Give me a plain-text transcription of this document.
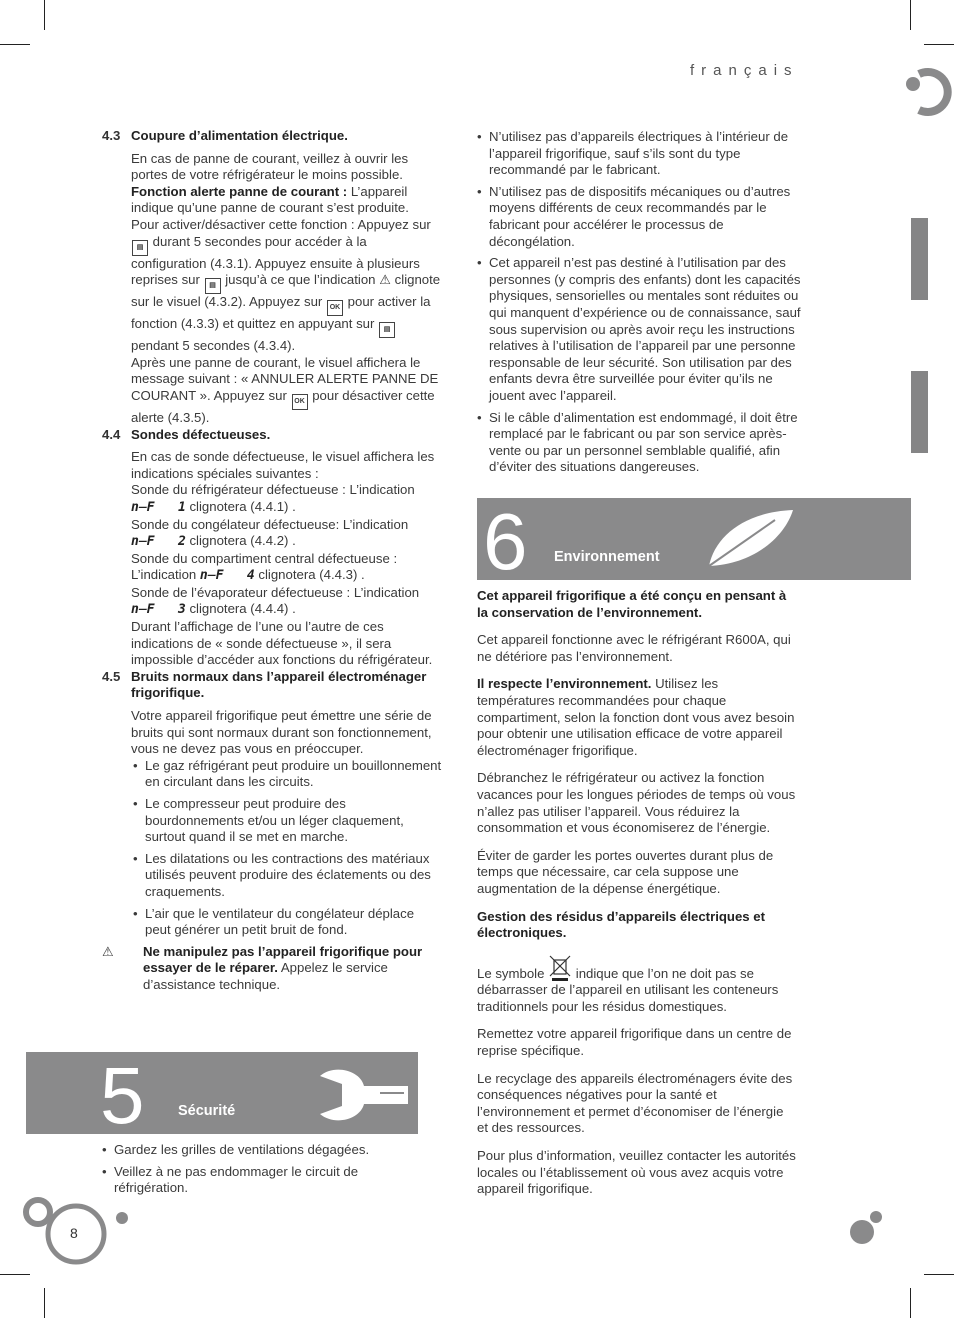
français
4.3 Coupure d’alimentation électrique.

En cas de panne de courant, veillez à ouvrir les portes de votre réfrigérateur le moins possible.

Fonction alerte panne de courant : L’appareil indique qu’une panne de courant s’est produite.

Pour activer/désactiver cette fonction : Appuyez sur ▤ durant 5 secondes pour accéder à la configuration (4.3.1). Appuyez ensuite à plusieurs reprises sur ▤ jusqu’à ce que l’indication ⚠ clignote sur le visuel (4.3.2). Appuyez sur OK pour activer la fonction (4.3.3) et quittez en appuyant sur ▤ pendant 5 secondes (4.3.4).

Après une panne de courant, le visuel affichera le message suivant : « ANNULER ALERTE PANNE DE COURANT ». Appuyez sur OK pour désactiver cette alerte (4.3.5).

4.4 Sondes défectueuses.

En cas de sonde défectueuse, le visuel affichera les indications spéciales suivantes :

Sonde du réfrigérateur défectueuse : L’indication
n̶F   1 clignotera (4.4.1) .

Sonde du congélateur défectueuse: L’indication
n̶F   2 clignotera (4.4.2) .

Sonde du compartiment central défectueuse : L’indication n̶F   4 clignotera (4.4.3) .

Sonde de l’évaporateur défectueuse : L’indication
n̶F   3 clignotera (4.4.4) .

Durant l’affichage de l’une ou l’autre de ces indications de « sonde défectueuse », il sera impossible d’accéder aux fonctions du réfrigérateur.

4.5 Bruits normaux dans l’appareil électroménager frigorifique.

Votre appareil frigorifique peut émettre une série de bruits qui sont normaux durant son fonctionnement, vous ne devez pas vous en préoccuper.

• Le gaz réfrigérant peut produire un bouillonnement en circulant dans les circuits.
• Le compresseur peut produire des bourdonnements et/ou un léger claquement, surtout quand il se met en marche.
• Les dilatations ou les contractions des matériaux utilisés peuvent produire des éclatements ou des craquements.
• L’air que le ventilateur du congélateur déplace peut générer un petit bruit de fond.
⚠ Ne manipulez pas l’appareil frigorifique pour essayer de le réparer. Appelez le service d’assistance technique.
5 Sécurité
• Gardez les grilles de ventilations dégagées.
• Veillez à ne pas endommager le circuit de réfrigération.
• N’utilisez pas d’appareils électriques à l’intérieur de l’appareil frigorifique, sauf s’ils sont du type recommandé par le fabricant.
• N’utilisez pas de dispositifs mécaniques ou d’autres moyens différents de ceux recommandés par le fabricant pour accélérer le processus de décongélation.
• Cet appareil n’est pas destiné à l’utilisation par des personnes (y compris des enfants) dont les capacités physiques, sensorielles ou mentales sont réduites ou qui manquent d’expérience ou de connaissance, sauf sous supervision ou après avoir reçu les instructions relatives à l’utilisation de l’appareil par une personne responsable de leur sécurité. Son utilisation par des enfants devra être surveillée pour éviter qu’ils ne jouent avec l’appareil.
• Si le câble d’alimentation est endommagé, il doit être remplacé par le fabricant ou par son service après-vente ou par un personnel semblable qualifié, afin d’éviter des situations dangereuses.
6 Environnement

Cet appareil frigorifique a été conçu en pensant à la conservation de l’environnement.

Cet appareil fonctionne avec le réfrigérant R600A, qui ne détériore pas l’environnement.

Il respecte l’environnement. Utilisez les températures recommandées pour chaque compartiment, selon la fonction dont vous avez besoin pour obtenir une utilisation efficace de votre appareil électroménager frigorifique.

Débranchez le réfrigérateur ou activez la fonction vacances pour les longues périodes de temps où vous n’allez pas utiliser l’appareil. Vous réduirez la consommation et vous économiserez de l’énergie.

Éviter de garder les portes ouvertes durant plus de temps que nécessaire, car cela suppose une augmentation de la dépense énergétique.

Gestion des résidus d’appareils électriques et électroniques.

Le symbole  indique que l’on ne doit pas se débarrasser de l’appareil en utilisant les conteneurs traditionnels pour les résidus domestiques.

Remettez votre appareil frigorifique dans un centre de reprise spécifique.

Le recyclage des appareils électroménagers évite des conséquences négatives pour la santé et l’environnement et permet d’économiser de l’énergie et des ressources.

Pour plus d’information, veuillez contacter les autorités locales ou l’établissement où vous avez acquis votre appareil frigorifique.

8
